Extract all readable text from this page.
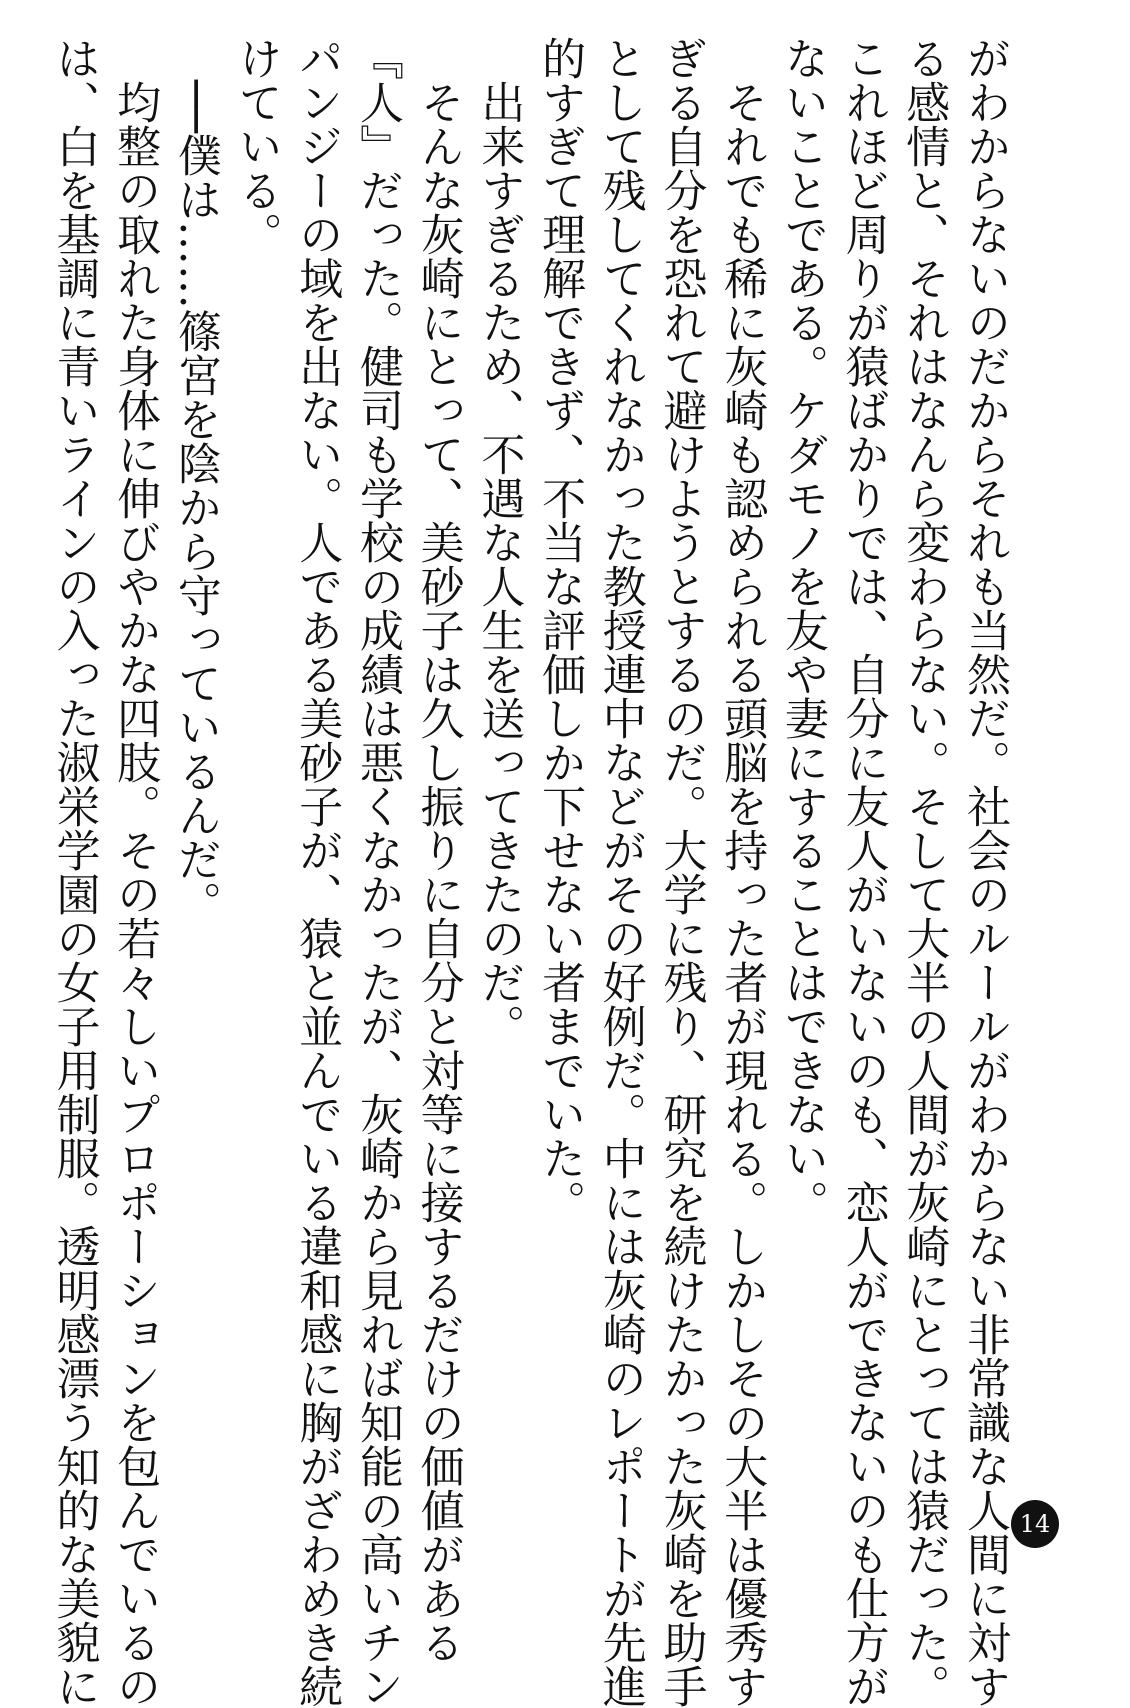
がわからないのだからそれも当然だ。社会のルールがわからない非常識な人間に対す

る感情と、それはなんら変わらない。そして大半の人間が灰崎にとっては猿だった。

これほど周りが猿ばかりでは、自分に友人がいないのも、恋人ができないのも仕方が

ないことである。ケダモノを友や妻にすることはできない。

　それでも稀に灰崎も認められる頭脳を持った者が現れる。しかしその大半は優秀す

ぎる自分を恐れて避けようとするのだ。大学に残り、研究を続けたかった灰崎を助手

として残してくれなかった教授連中などがその好例だ。中には灰崎のレポートが先進

的すぎて理解できず、不当な評価しか下せない者までいた。

　出来すぎるため、不遇な人生を送ってきたのだ。

　そんな灰崎にとって、美砂子は久し振りに自分と対等に接するだけの価値がある

『人』だった。健司も学校の成績は悪くなかったが、灰崎から見れば知能の高いチン

パンジーの域を出ない。人である美砂子が、猿と並んでいる違和感に胸がざわめき続

けている。

　──僕は……篠宮を陰から守っているんだ。

　均整の取れた身体に伸びやかな四肢。その若々しいプロポーションを包んでいるの

は、白を基調に青いラインの入った淑栄学園の女子用制服。透明感漂う知的な美貌に	14
